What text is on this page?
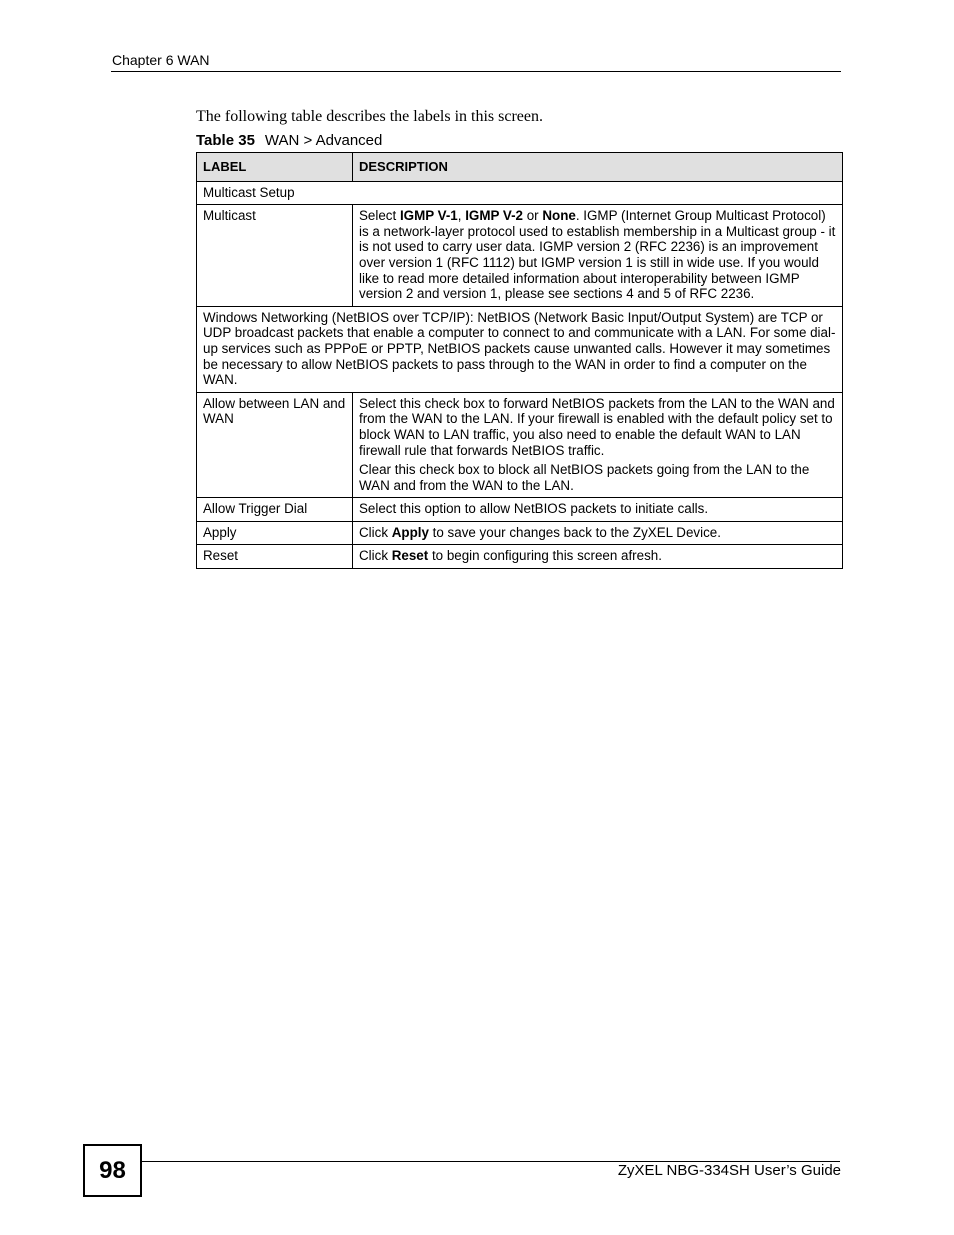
Chapter 6 WAN
The following table describes the labels in this screen.
Table 35 WAN > Advanced
LABEL	DESCRIPTION
Multicast Setup	
Multicast	Select IGMP V-1, IGMP V-2 or None. IGMP (Internet Group Multicast Protocol) is a network-layer protocol used to establish membership in a Multicast group - it is not used to carry user data. IGMP version 2 (RFC 2236) is an improvement over version 1 (RFC 1112) but IGMP version 1 is still in wide use. If you would like to read more detailed information about interoperability between IGMP version 2 and version 1, please see sections 4 and 5 of RFC 2236.
Windows Networking (NetBIOS over TCP/IP): NetBIOS (Network Basic Input/Output System) are TCP or UDP broadcast packets that enable a computer to connect to and communicate with a LAN. For some dial-up services such as PPPoE or PPTP, NetBIOS packets cause unwanted calls. However it may sometimes be necessary to allow NetBIOS packets to pass through to the WAN in order to find a computer on the WAN.	
Allow between LAN and WAN	Select this check box to forward NetBIOS packets from the LAN to the WAN and from the WAN to the LAN. If your firewall is enabled with the default policy set to block WAN to LAN traffic, you also need to enable the default WAN to LAN firewall rule that forwards NetBIOS traffic.

Clear this check box to block all NetBIOS packets going from the LAN to the WAN and from the WAN to the LAN.

Allow Trigger Dial	Select this option to allow NetBIOS packets to initiate calls.
Apply	Click Apply to save your changes back to the ZyXEL Device.
Reset	Click Reset to begin configuring this screen afresh.
98	ZyXEL NBG-334SH User’s Guide
